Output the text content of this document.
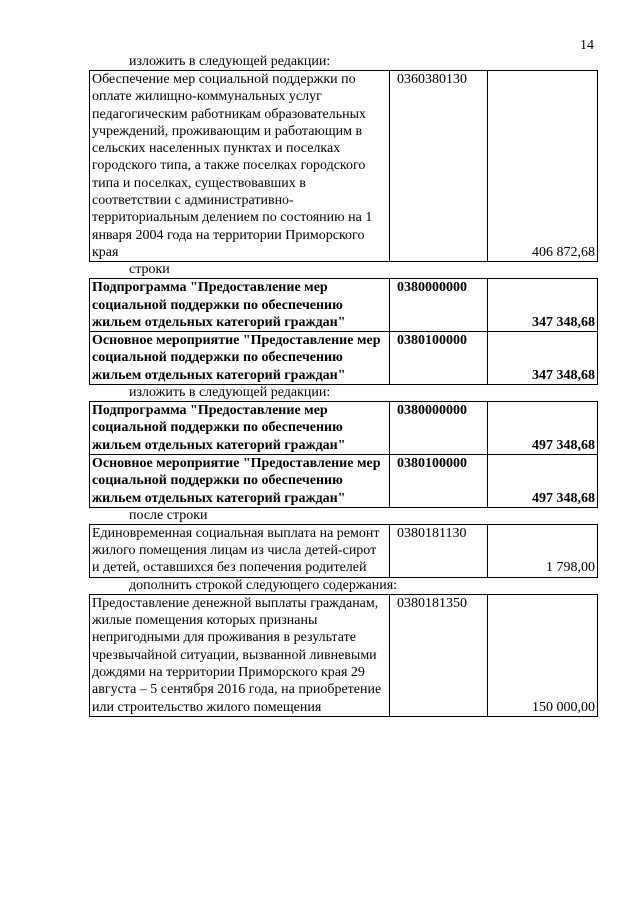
14
изложить в следующей редакции:
Обеспечение мер социальной поддержки по оплате жилищно-коммунальных услуг педагогическим работникам образовательных учреждений, проживающим и работающим в сельских населенных пунктах и поселках городского типа, а также поселках городского типа и поселках, существовавших в соответствии с административно-территориальным делением по состоянию на 1 января 2004 года на территории Приморского края	0360380130	406 872,68
строки
Подпрограмма "Предоставление мер социальной поддержки по обеспечению жильем отдельных категорий граждан"	0380000000	347 348,68
Основное мероприятие "Предоставление мер социальной поддержки по обеспечению жильем отдельных категорий граждан"	0380100000	347 348,68
изложить в следующей редакции:
Подпрограмма "Предоставление мер социальной поддержки по обеспечению жильем отдельных категорий граждан"	0380000000	497 348,68
Основное мероприятие "Предоставление мер социальной поддержки по обеспечению жильем отдельных категорий граждан"	0380100000	497 348,68
после строки
Единовременная социальная выплата на ремонт жилого помещения лицам из числа детей-сирот и детей, оставшихся без попечения родителей	0380181130	1 798,00
дополнить строкой следующего содержания:
Предоставление денежной выплаты гражданам, жилые помещения которых признаны непригодными для проживания в результате чрезвычайной ситуации, вызванной ливневыми дождями на территории Приморского края 29 августа – 5 сентября 2016 года, на приобретение или строительство жилого помещения	0380181350	150 000,00
